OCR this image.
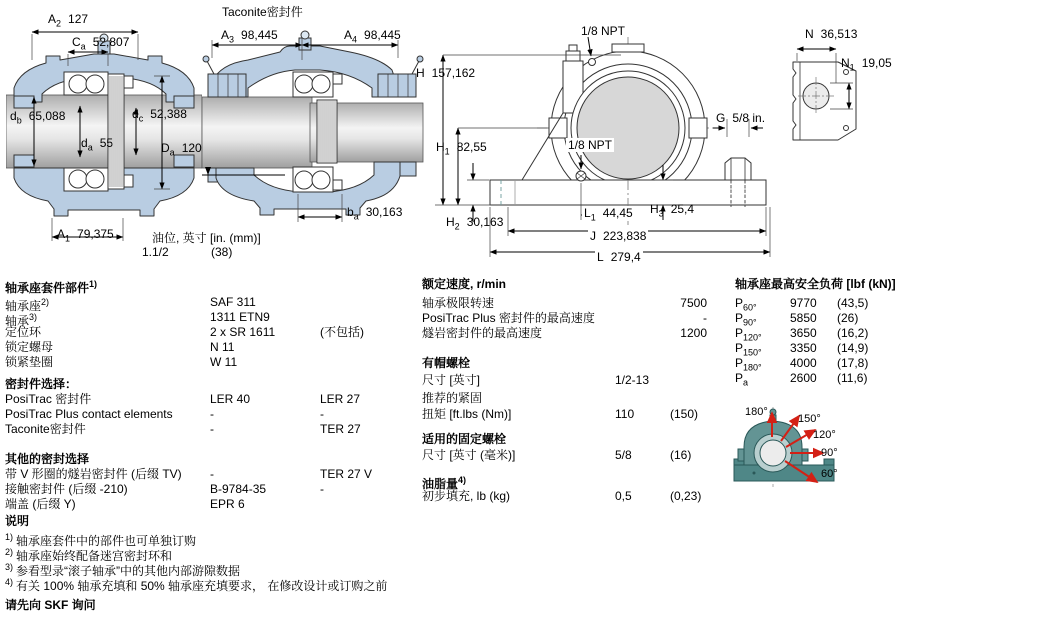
$A_2$ 127
$C_a$ 52,807
$d_b$ 65,088
$d_a$ 55
$d_c$ 52,388
$D_a$ 120
$A_1$ 79,375
Taconite密封件
$A_3$ 98,445	$A_4$ 98,445
$b_a$ 30,163
油位, 英寸 [in. (mm)]
1.1/2	(38)
1/8 NPT
1/8 NPT
H 157,162
$H_1$ 82,55
$H_2$ 30,163
$L_1$ 44,45 $H_3$ 25,4
J 223,838
L 279,4
G 5/8 in.
N 36,513
$N_1$ 19,05
180°
150°
120°
90°
60°
轴承座套件部件$^{1)}$
轴承座$^{2)}$	SAF 311
轴承$^{3)}$	1311 ETN9
定位环	2 x SR 1611	(不包括)
锁定螺母	N 11
锁紧垫圈	W 11
密封件选择：
PosiTrac 密封件	LER 40	LER 27
PosiTrac Plus contact elements	-	-
Taconite密封件	-	TER 27
其他的密封选择
带 V 形圈的燧岩密封件 (后缀 TV) -	TER 27 V
接触密封件 (后缀 -210)	B-9784-35	-
端盖 (后缀 Y)	EPR 6
额定速度, r/min
轴承极限转速	7500
PosiTrac Plus 密封件的最高速度	-
燧岩密封件的最高速度	1200
有帽螺栓
尺寸 [英寸]	1/2-13
推荐的紧固
扭矩 [ft.lbs (Nm)]	110	(150)
适用的固定螺栓
尺寸 [英寸 (毫米)]	5/8	(16)
油脂量$^{4)}$
初步填充, lb (kg)	0,5	(0,23)
轴承座最高安全负荷 [lbf (kN)]
$P_{60^\circ}$	9770 (43,5)
$P_{90^\circ}$	5850 (26)
$P_{120^\circ}$ 3650 (16,2)
$P_{150^\circ}$ 3350 (14,9)
$P_{180^\circ}$ 4000 (17,8)
$P_a$	2600 (11,6)
说明
$^{1)}$ 轴承座套件中的部件也可单独订购
$^{2)}$ 轴承座始终配备迷宫密封环和
$^{3)}$ 参看型录“滚子轴承”中的其他内部游隙数据
$^{4)}$ 有关 100% 轴承充填和 50% 轴承座充填要求， 在修改设计或订购之前
请先向 SKF 询问
